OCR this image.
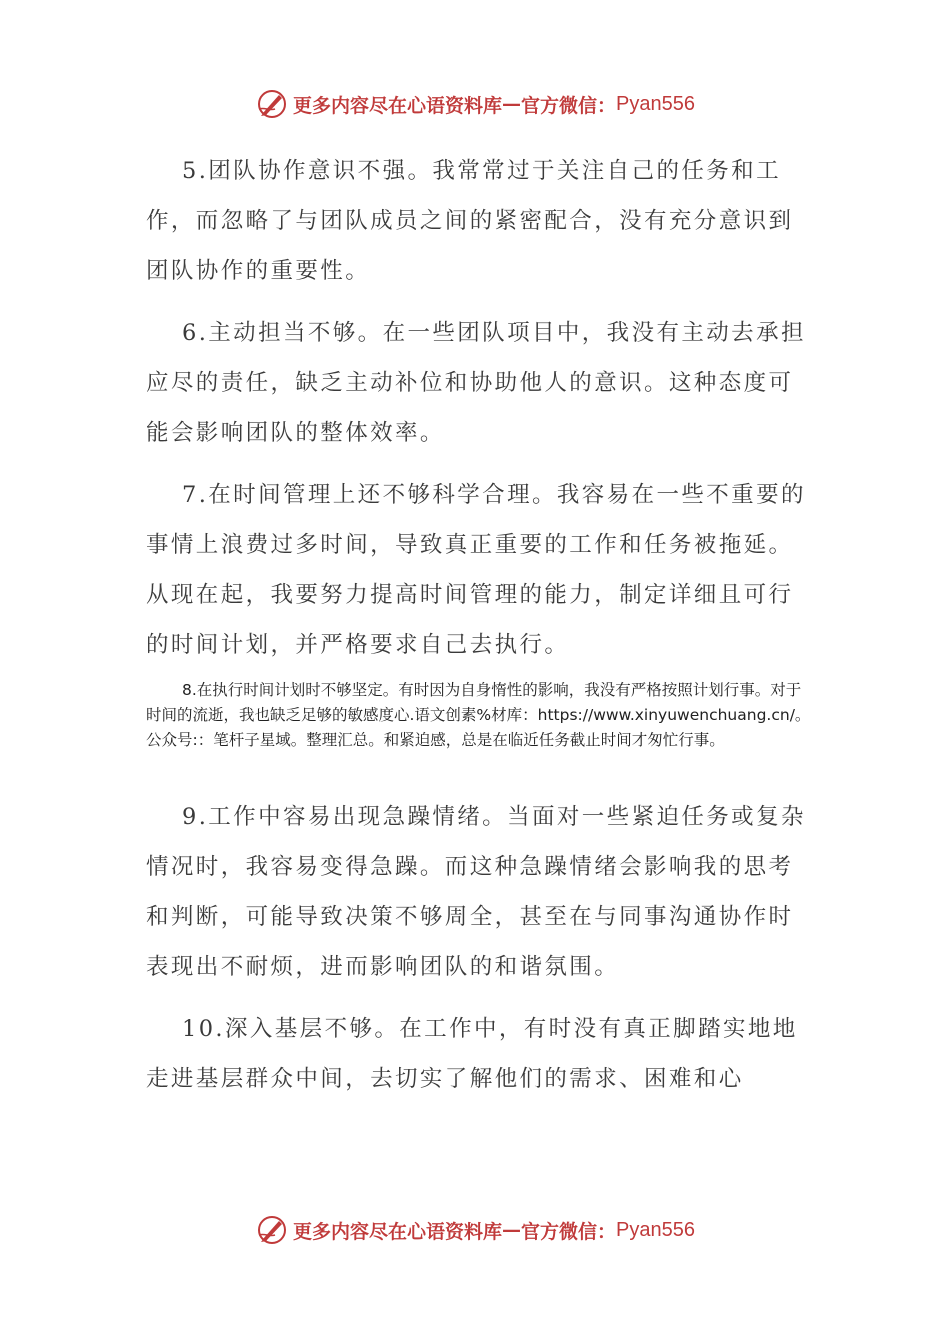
更多内容尽在心语资料库 — 官方微信： Pyan556

5.团队协作意识不强。我常常过于关注自己的任务和工作，而忽略了与团队成员之间的紧密配合，没有充分意识到团队协作的重要性。

6.主动担当不够。在一些团队项目中，我没有主动去承担应尽的责任，缺乏主动补位和协助他人的意识。这种态度可能会影响团队的整体效率。

7.在时间管理上还不够科学合理。我容易在一些不重要的事情上浪费过多时间，导致真正重要的工作和任务被拖延。从现在起，我要努力提高时间管理的能力，制定详细且可行的时间计划，并严格要求自己去执行。

8.在执行时间计划时不够坚定。有时因为自身惰性的影响，我没有严格按照计划行事。对于时间的流逝，我也缺乏足够的敏感度心.语文创素%材库：https://www.xinyuwenchuang.cn/。公众号:：笔杆子星域。整理汇总。和紧迫感，总是在临近任务截止时间才匆忙行事。

9.工作中容易出现急躁情绪。当面对一些紧迫任务或复杂情况时，我容易变得急躁。而这种急躁情绪会影响我的思考和判断，可能导致决策不够周全，甚至在与同事沟通协作时表现出不耐烦，进而影响团队的和谐氛围。

10.深入基层不够。在工作中，有时没有真正脚踏实地地走进基层群众中间，去切实了解他们的需求、困难和心

更多内容尽在心语资料库 — 官方微信： Pyan556
